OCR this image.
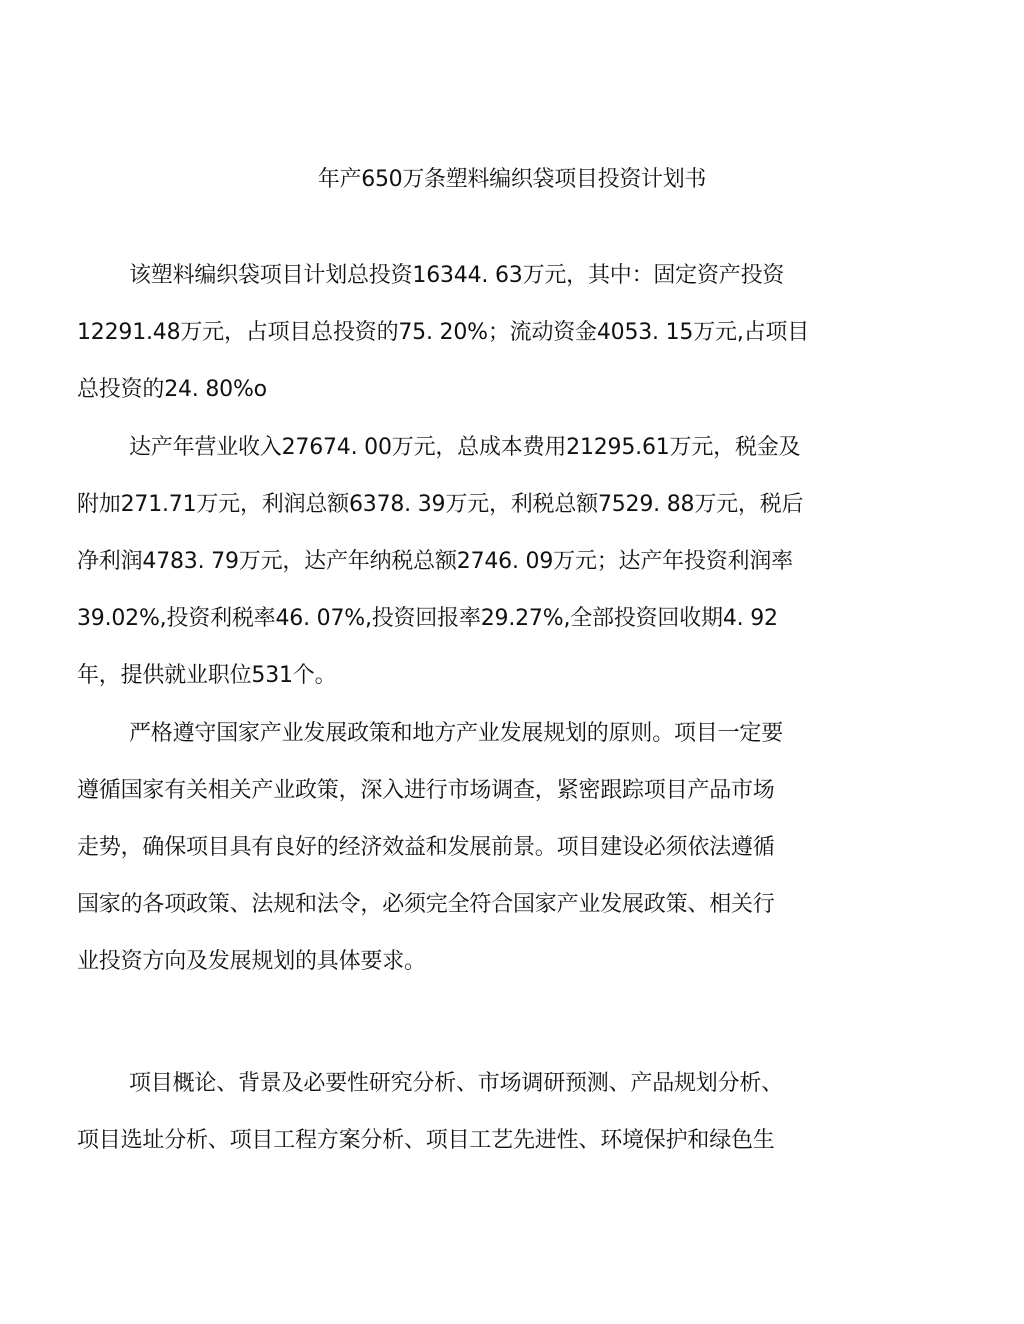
年产650万条塑料编织袋项目投资计划书
该塑料编织袋项目计划总投资16344. 63万元，其中：固定资产投资
12291.48万元，占项目总投资的75. 20%；流动资金4053. 15万元,占项目
总投资的24. 80%o
达产年营业收入27674. 00万元，总成本费用21295.61万元，税金及
附加271.71万元，利润总额6378. 39万元，利税总额7529. 88万元，税后
净利润4783. 79万元，达产年纳税总额2746. 09万元；达产年投资利润率
39.02%,投资利税率46. 07%,投资回报率29.27%,全部投资回收期4. 92
年，提供就业职位531个。
严格遵守国家产业发展政策和地方产业发展规划的原则。项目一定要
遵循国家有关相关产业政策，深入进行市场调查，紧密跟踪项目产品市场
走势，确保项目具有良好的经济效益和发展前景。项目建设必须依法遵循
国家的各项政策、法规和法令，必须完全符合国家产业发展政策、相关行
业投资方向及发展规划的具体要求。
项目概论、背景及必要性研究分析、市场调研预测、产品规划分析、
项目选址分析、项目工程方案分析、项目工艺先进性、环境保护和绿色生
